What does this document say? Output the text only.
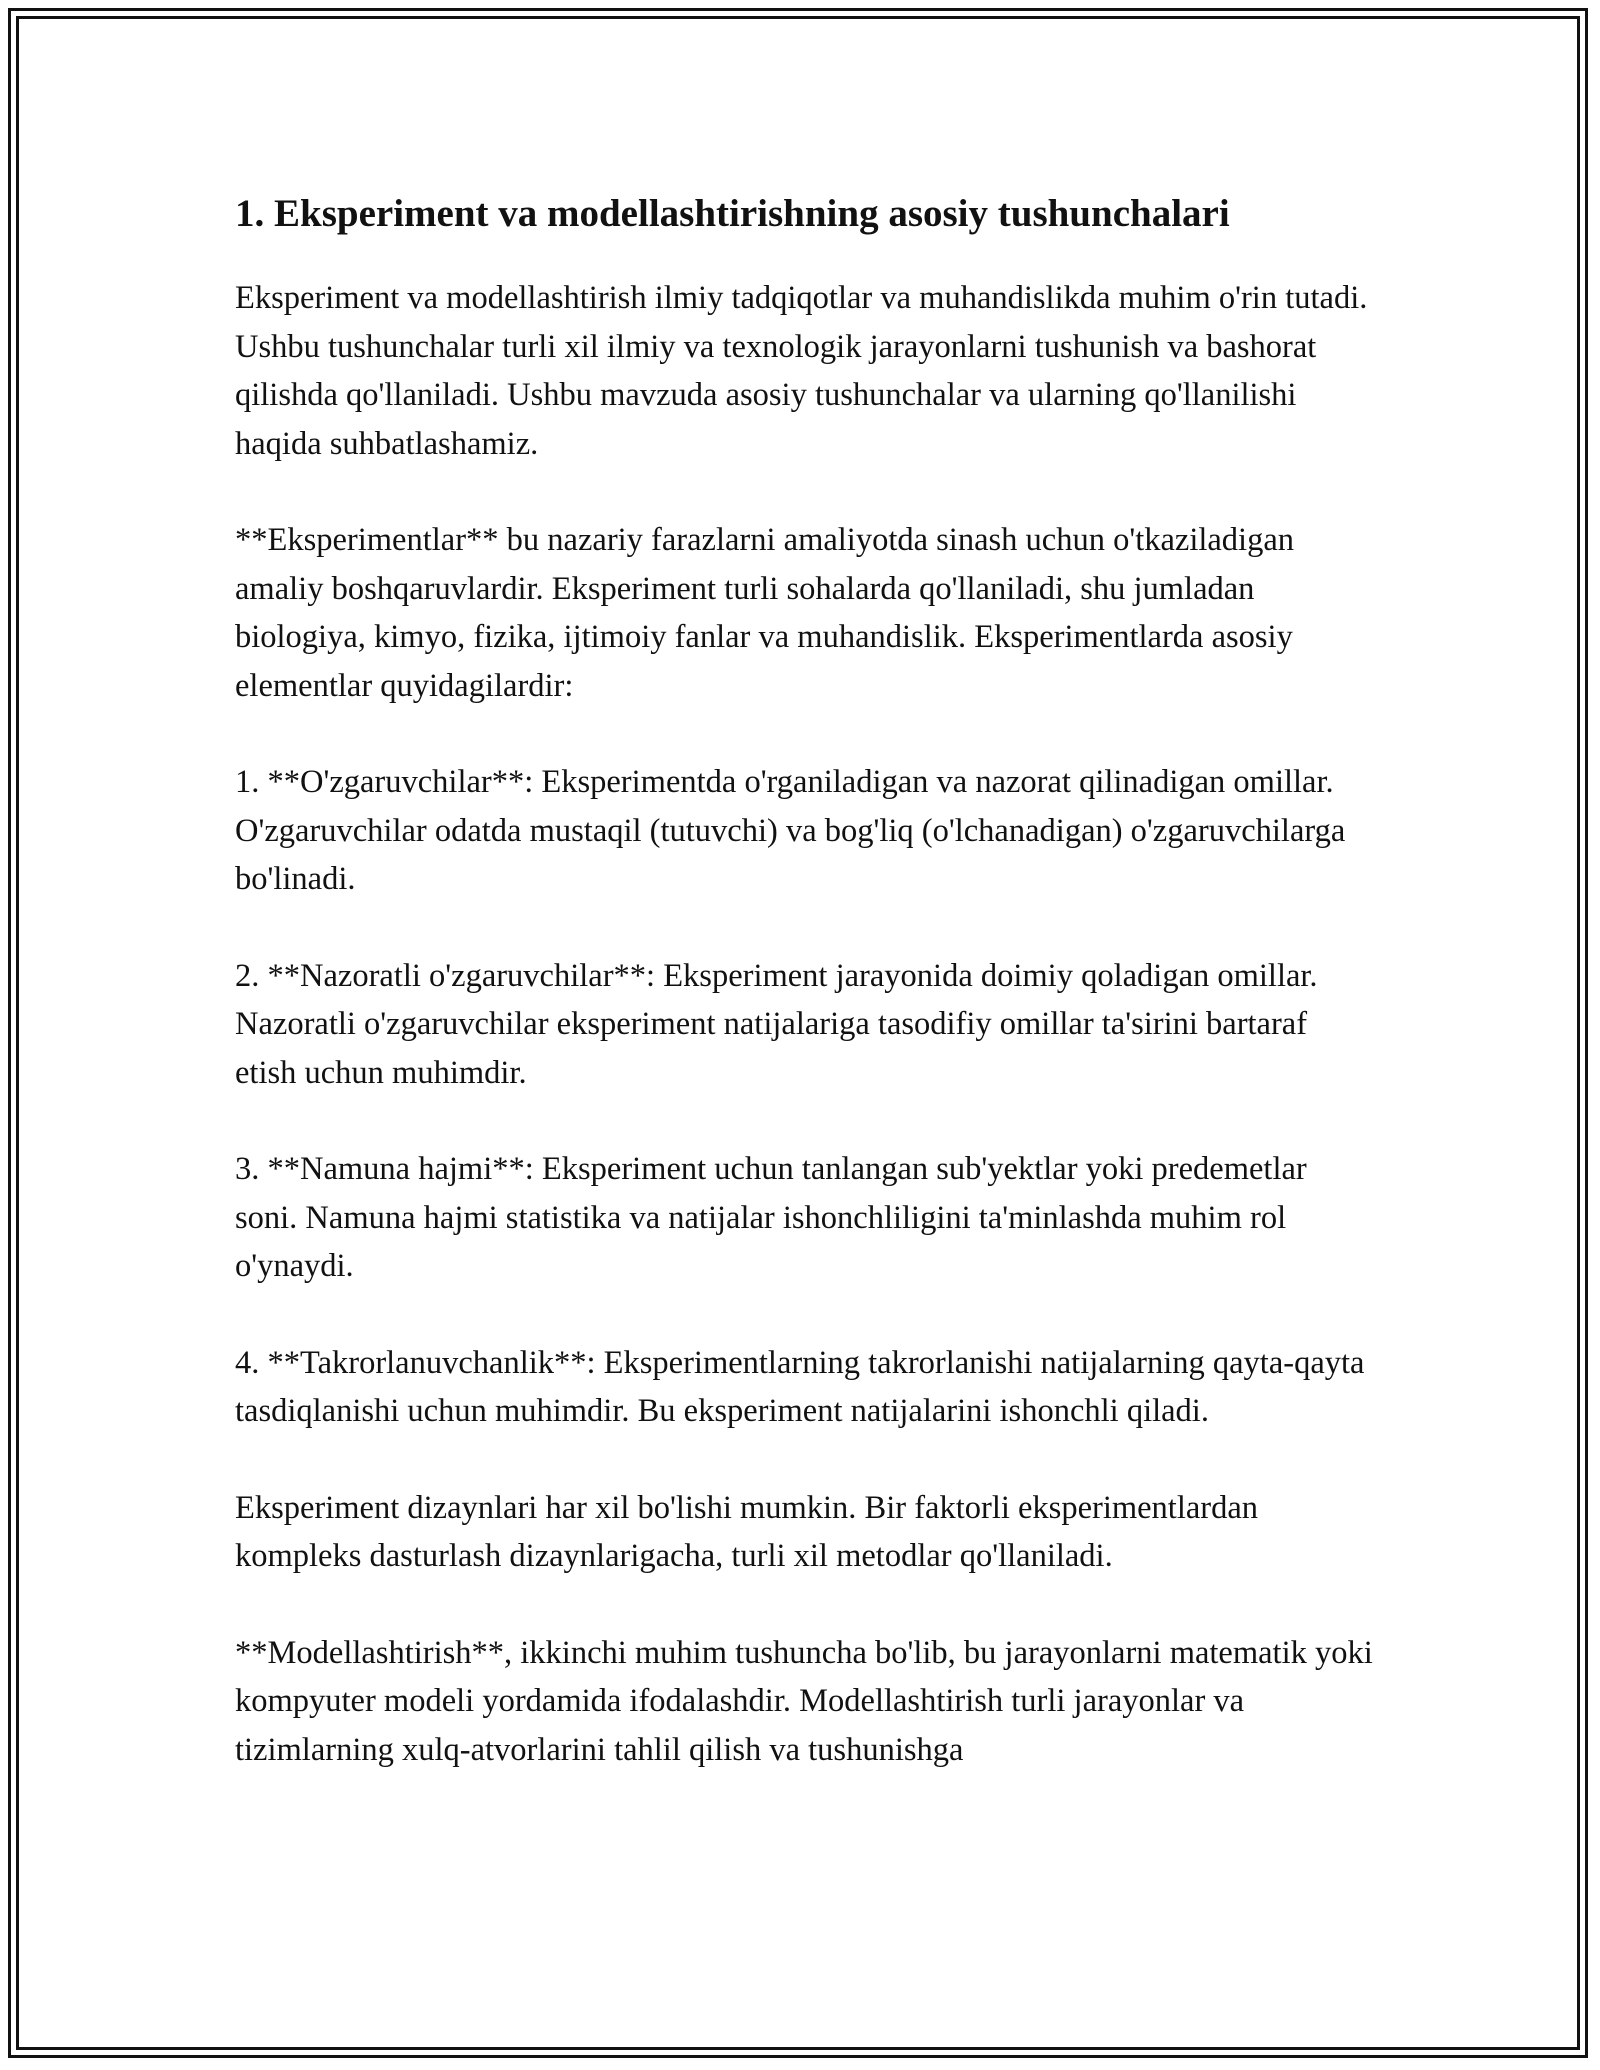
1. Eksperiment va modellashtirishning asosiy tushunchalari

Eksperiment va modellashtirish ilmiy tadqiqotlar va muhandislikda muhim o'rin tutadi. Ushbu tushunchalar turli xil ilmiy va texnologik jarayonlarni tushunish va bashorat qilishda qo'llaniladi. Ushbu mavzuda asosiy tushunchalar va ularning qo'llanilishi haqida suhbatlashamiz.

**Eksperimentlar** bu nazariy farazlarni amaliyotda sinash uchun o'tkaziladigan amaliy boshqaruvlardir. Eksperiment turli sohalarda qo'llaniladi, shu jumladan biologiya, kimyo, fizika, ijtimoiy fanlar va muhandislik. Eksperimentlarda asosiy elementlar quyidagilardir:

1. **O'zgaruvchilar**: Eksperimentda o'rganiladigan va nazorat qilinadigan omillar. O'zgaruvchilar odatda mustaqil (tutuvchi) va bog'liq (o'lchanadigan) o'zgaruvchilarga bo'linadi.

2. **Nazoratli o'zgaruvchilar**: Eksperiment jarayonida doimiy qoladigan omillar. Nazoratli o'zgaruvchilar eksperiment natijalariga tasodifiy omillar ta'sirini bartaraf etish uchun muhimdir.

3. **Namuna hajmi**: Eksperiment uchun tanlangan sub'yektlar yoki predemetlar soni. Namuna hajmi statistika va natijalar ishonchliligini ta'minlashda muhim rol o'ynaydi.

4. **Takrorlanuvchanlik**: Eksperimentlarning takrorlanishi natijalarning qayta-qayta tasdiqlanishi uchun muhimdir. Bu eksperiment natijalarini ishonchli qiladi.

Eksperiment dizaynlari har xil bo'lishi mumkin. Bir faktorli eksperimentlardan kompleks dasturlash dizaynlarigacha, turli xil metodlar qo'llaniladi.

**Modellashtirish**, ikkinchi muhim tushuncha bo'lib, bu jarayonlarni matematik yoki kompyuter modeli yordamida ifodalashdir. Modellashtirish turli jarayonlar va tizimlarning xulq-atvorlarini tahlil qilish va tushunishga
